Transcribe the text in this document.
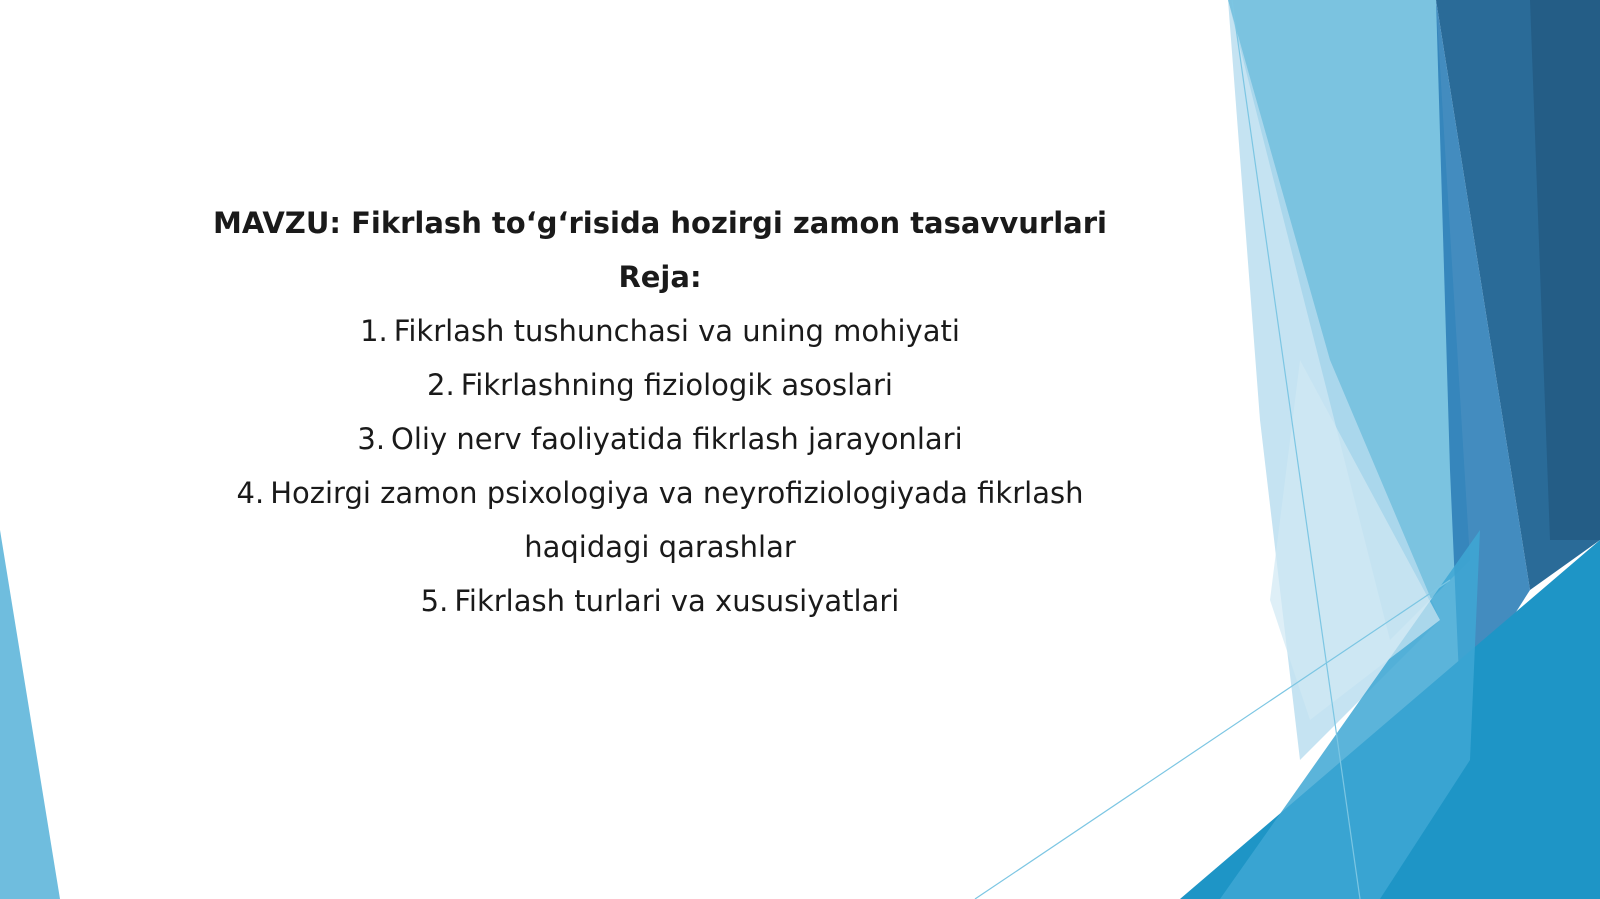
MAVZU: Fikrlash to‘g‘risida hozirgi zamon tasavvurlari

Reja:

1. Fikrlash tushunchasi va uning mohiyati
2. Fikrlashning fiziologik asoslari
3. Oliy nerv faoliyatida fikrlash jarayonlari
4. Hozirgi zamon psixologiya va neyrofiziologiyada fikrlash haqidagi qarashlar
5. Fikrlash turlari va xususiyatlari
